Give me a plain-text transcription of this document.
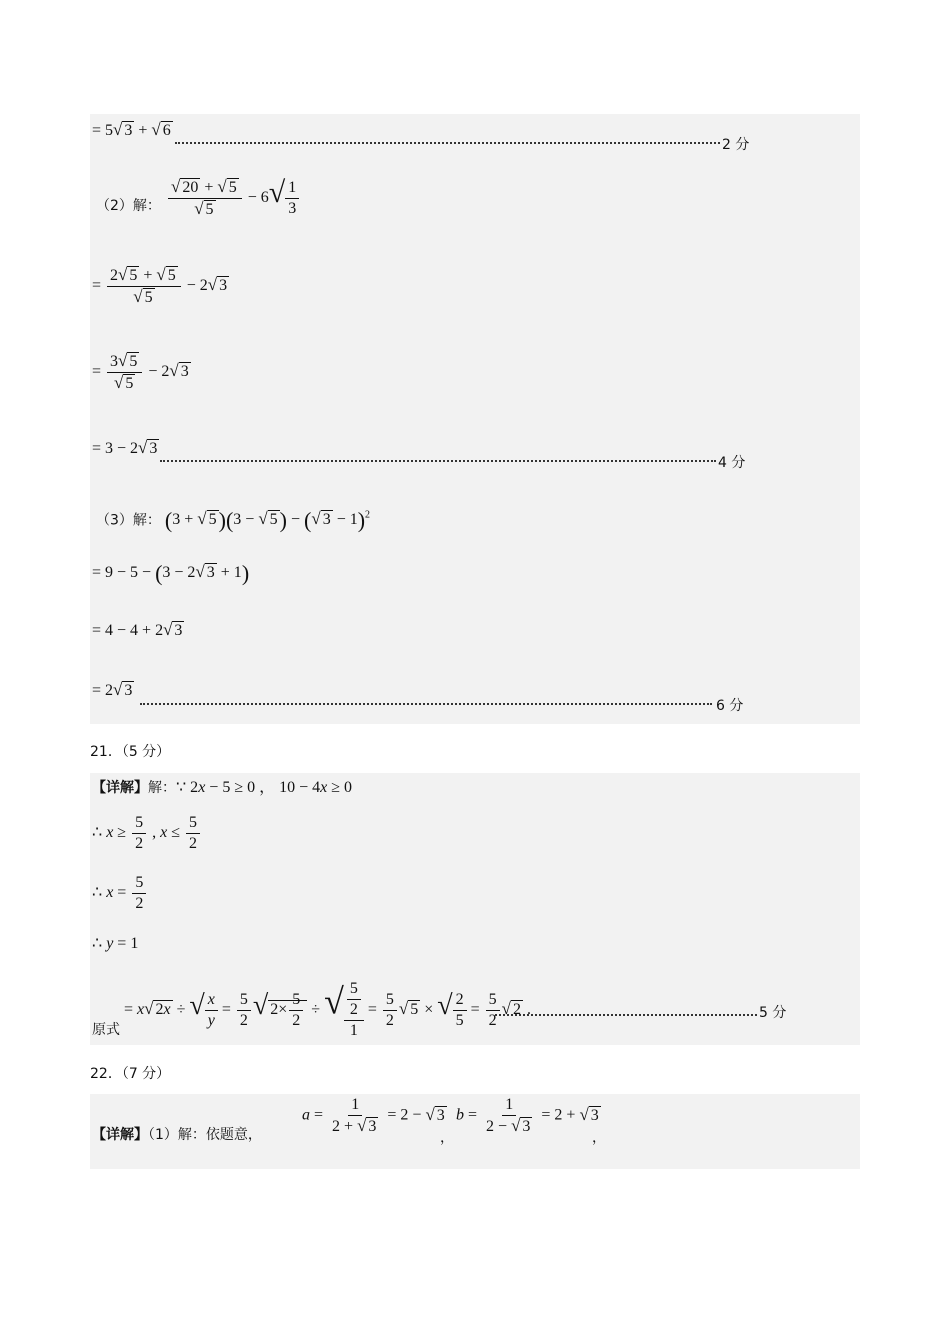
= 5√ 3 + √ 6
2 分
（2）解： $\frac{√ 20 + √ 5}{√ 5} - 6√ \frac{1}{3}$
= $\frac{2√ 5 + √ 5}{√ 5} - 2√$ 3
= $\frac{3√ 5}{√ 5} - 2√$ 3
= 3 − 2√ 3
4 分
（3）解： (3 + √ 5)(3 − √ 5) − (√ 3 − 1)$^2$
= 9 − 5 − (3 − 2√ 3 + 1)
= 4 − 4 + 2√ 3
= 2√ 3
6 分
21．（5 分）
【详解】解：∵ 2x − 5 ≥ 0 ， 10 − 4x ≥ 0
∴ $x \ge \frac{5}{2}$ , $x \le \frac{5}{2}$
∴ $x = \frac{5}{2}$
∴ y = 1
原式 = x√ 2x ÷ √ $\frac{x}{y} = \frac{5}{2}$ √ $2\times \frac{5}{2}$ ÷ √ $\frac{\frac{5}{2}}{1} = \frac{5}{2}$ √ 5 × √ $\frac{2}{5} = \frac{5}{2}$ √ 2 .	5 分
22．（7 分）
【详解】（1）解：依题意，
$a = \frac{1}{2 + √ 3} = 2$ − √ 3
，
$b = \frac{1}{2 - √ 3} = 2$ + √ 3
，
